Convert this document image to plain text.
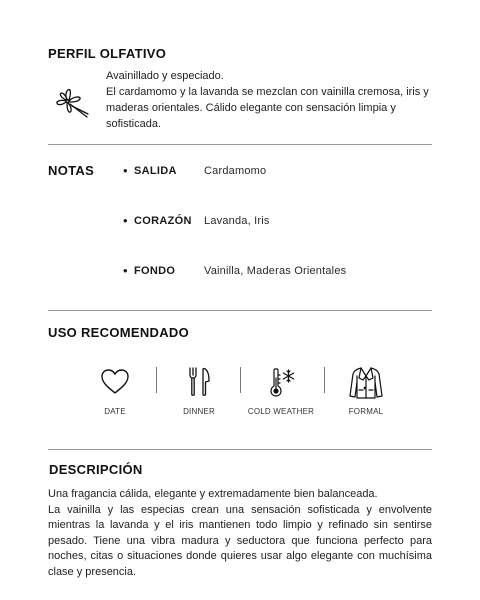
PERFIL OLFATIVO

Avainillado y especiado.

El cardamomo y la lavanda se mezclan con vainilla cremosa, iris y maderas orientales. Cálido elegante con sensación limpia y sofisticada.

NOTAS • SALIDA Cardamomo
• CORAZÓN Lavanda, Iris
• FONDO	Vainilla, Maderas Orientales
USO RECOMENDADO
DATE	DINNER	COLD WEATHER	FORMAL
DESCRIPCIÓN

Una fragancia cálida, elegante y extremadamente bien balanceada.

La vainilla y las especias crean una sensación sofisticada y envolvente mientras la lavanda y el iris mantienen todo limpio y refinado sin sentirse pesado. Tiene una vibra madura y seductora que funciona perfecto para noches, citas o situaciones donde quieres usar algo elegante con muchísima clase y presencia.
